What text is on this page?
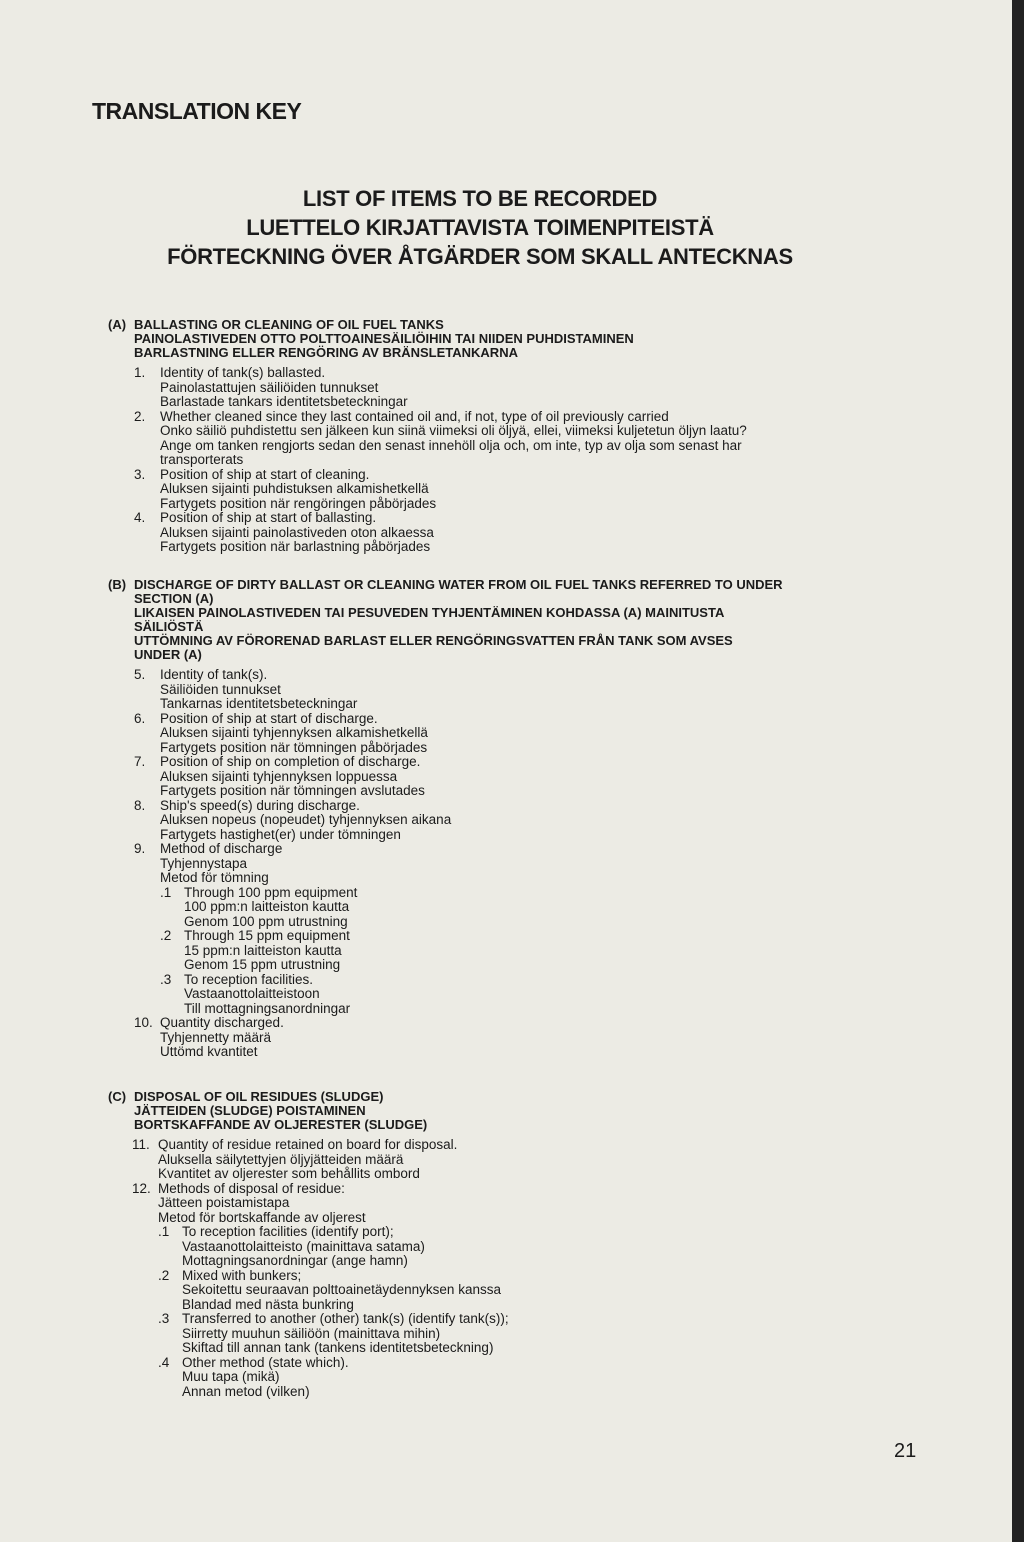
TRANSLATION KEY
LIST OF ITEMS TO BE RECORDED
LUETTELO KIRJATTAVISTA TOIMENPITEISTÄ
FÖRTECKNING ÖVER ÅTGÄRDER SOM SKALL ANTECKNAS
(A) BALLASTING OR CLEANING OF OIL FUEL TANKS
PAINOLASTIVEDEN OTTO POLTTOAINESÄILIÖIHIN TAI NIIDEN PUHDISTAMINEN
BARLASTNING ELLER RENGÖRING AV BRÄNSLETANKARNA
1.	Identity of tank(s) ballasted.
Painolastattujen säiliöiden tunnukset
Barlastade tankars identitetsbeteckningar
2.	Whether cleaned since they last contained oil and, if not, type of oil previously carried
Onko säiliö puhdistettu sen jälkeen kun siinä viimeksi oli öljyä, ellei, viimeksi kuljetetun öljyn laatu?
Ange om tanken rengjorts sedan den senast innehöll olja och, om inte, typ av olja som senast har
transporterats
3.	Position of ship at start of cleaning.
Aluksen sijainti puhdistuksen alkamishetkellä
Fartygets position när rengöringen påbörjades
4.	Position of ship at start of ballasting.
Aluksen sijainti painolastiveden oton alkaessa
Fartygets position när barlastning påbörjades
(B) DISCHARGE OF DIRTY BALLAST OR CLEANING WATER FROM OIL FUEL TANKS REFERRED TO UNDER
SECTION (A)
LIKAISEN PAINOLASTIVEDEN TAI PESUVEDEN TYHJENTÄMINEN KOHDASSA (A) MAINITUSTA
SÄILIÖSTÄ
UTTÖMNING AV FÖRORENAD BARLAST ELLER RENGÖRINGSVATTEN FRÅN TANK SOM AVSES
UNDER (A)
5.	Identity of tank(s).
Säiliöiden tunnukset
Tankarnas identitetsbeteckningar
6.	Position of ship at start of discharge.
Aluksen sijainti tyhjennyksen alkamishetkellä
Fartygets position när tömningen påbörjades
7.	Position of ship on completion of discharge.
Aluksen sijainti tyhjennyksen loppuessa
Fartygets position när tömningen avslutades
8.	Ship's speed(s) during discharge.
Aluksen nopeus (nopeudet) tyhjennyksen aikana
Fartygets hastighet(er) under tömningen
9.	Method of discharge
Tyhjennystapa
Metod för tömning
.1 Through 100 ppm equipment
100 ppm:n laitteiston kautta
Genom 100 ppm utrustning
.2 Through 15 ppm equipment
15 ppm:n laitteiston kautta
Genom 15 ppm utrustning
.3 To reception facilities.
Vastaanottolaitteistoon
Till mottagningsanordningar
10. Quantity discharged.
Tyhjennetty määrä
Uttömd kvantitet
(C) DISPOSAL OF OIL RESIDUES (SLUDGE)
JÄTTEIDEN (SLUDGE) POISTAMINEN
BORTSKAFFANDE AV OLJERESTER (SLUDGE)
11. Quantity of residue retained on board for disposal.
Aluksella säilytettyjen öljyjätteiden määrä
Kvantitet av oljerester som behållits ombord
12. Methods of disposal of residue:
Jätteen poistamistapa
Metod för bortskaffande av oljerest
.1 To reception facilities (identify port);
Vastaanottolaitteisto (mainittava satama)
Mottagningsanordningar (ange hamn)
.2 Mixed with bunkers;
Sekoitettu seuraavan polttoainetäydennyksen kanssa
Blandad med nästa bunkring
.3 Transferred to another (other) tank(s) (identify tank(s));
Siirretty muuhun säiliöön (mainittava mihin)
Skiftad till annan tank (tankens identitetsbeteckning)
.4 Other method (state which).
Muu tapa (mikä)
Annan metod (vilken)
21
